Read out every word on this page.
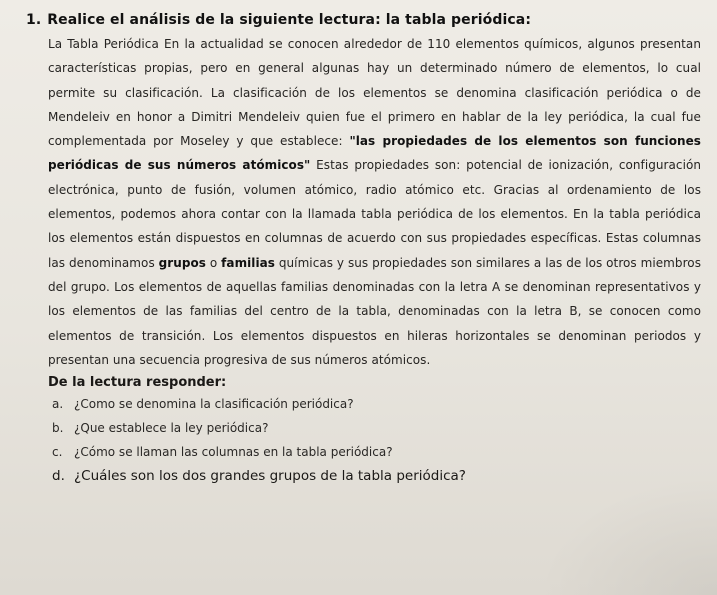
1. Realice el análisis de la siguiente lectura: la tabla periódica:

La Tabla Periódica En la actualidad se conocen alrededor de 110 elementos químicos, algunos presentan características propias, pero en general algunas hay un determinado número de elementos, lo cual permite su clasificación. La clasificación de los elementos se denomina clasificación periódica o de Mendeleiv en honor a Dimitri Mendeleiv quien fue el primero en hablar de la ley periódica, la cual fue complementada por Moseley y que establece: "las propiedades de los elementos son funciones periódicas de sus números atómicos" Estas propiedades son: potencial de ionización, configuración electrónica, punto de fusión, volumen atómico, radio atómico etc. Gracias al ordenamiento de los elementos, podemos ahora contar con la llamada tabla periódica de los elementos. En la tabla periódica los elementos están dispuestos en columnas de acuerdo con sus propiedades específicas. Estas columnas las denominamos grupos o familias químicas y sus propiedades son similares a las de los otros miembros del grupo. Los elementos de aquellas familias denominadas con la letra A se denominan representativos y los elementos de las familias del centro de la tabla, denominadas con la letra B, se conocen como elementos de transición. Los elementos dispuestos en hileras horizontales se denominan periodos y presentan una secuencia progresiva de sus números atómicos.

De la lectura responder:
a. ¿Como se denomina la clasificación periódica?
b. ¿Que establece la ley periódica?
c. ¿Cómo se llaman las columnas en la tabla periódica?
d. ¿Cuáles son los dos grandes grupos de la tabla periódica?
